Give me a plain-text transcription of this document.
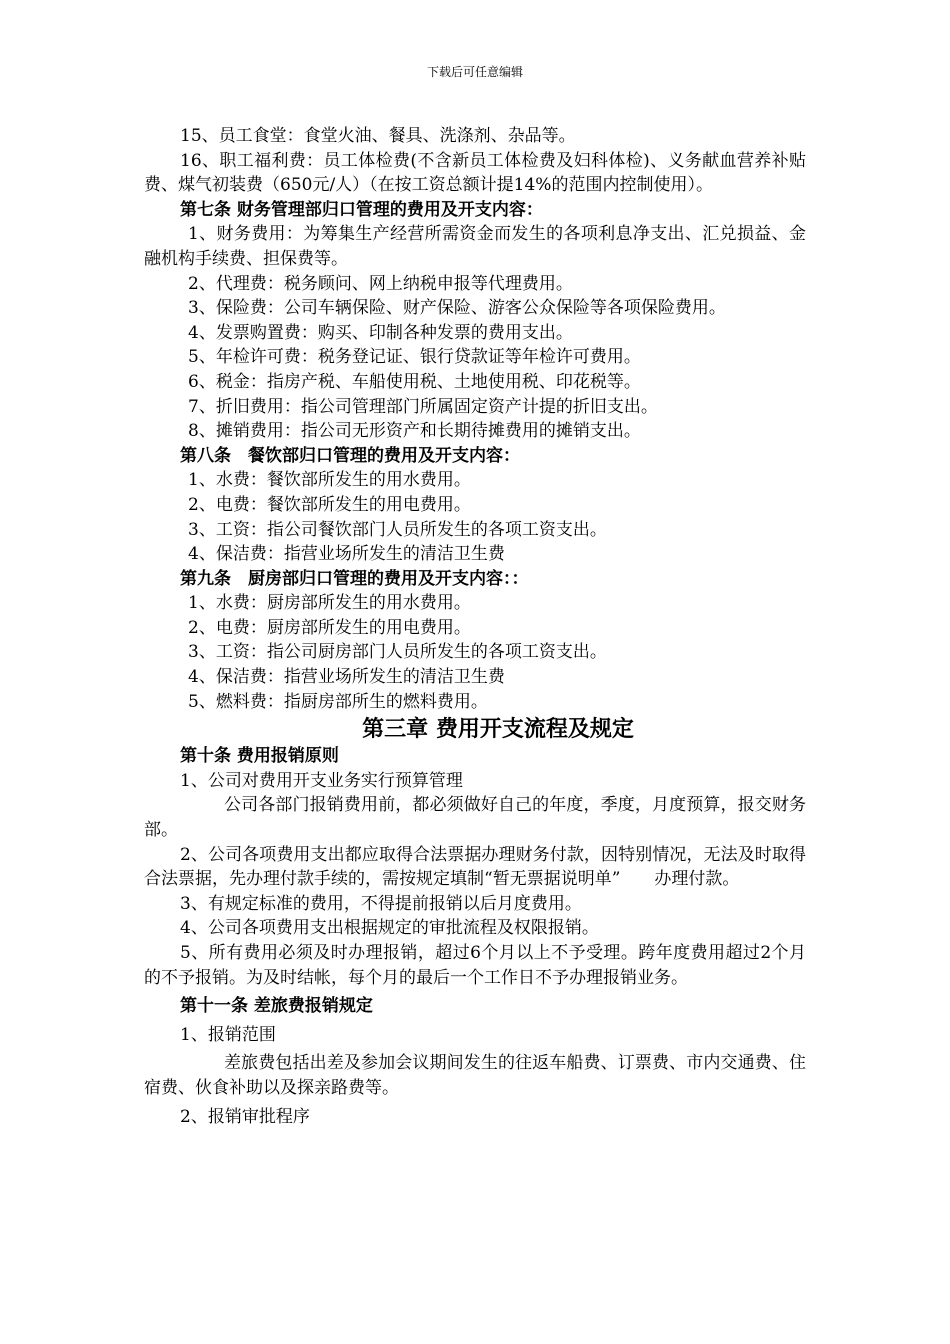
下载后可任意编辑

15、员工食堂：食堂火油、餐具、洗涤剂、杂品等。

16、职工福利费：员工体检费(不含新员工体检费及妇科体检)、义务献血营养补贴费、煤气初装费（650元/人）（在按工资总额计提14%的范围内控制使用）。

第七条 财务管理部归口管理的费用及开支内容：

1、财务费用：为筹集生产经营所需资金而发生的各项利息净支出、汇兑损益、金融机构手续费、担保费等。

2、代理费：税务顾问、网上纳税申报等代理费用。

3、保险费：公司车辆保险、财产保险、游客公众保险等各项保险费用。

4、发票购置费：购买、印制各种发票的费用支出。

5、年检许可费：税务登记证、银行贷款证等年检许可费用。

6、税金：指房产税、车船使用税、土地使用税、印花税等。

7、折旧费用：指公司管理部门所属固定资产计提的折旧支出。

8、摊销费用：指公司无形资产和长期待摊费用的摊销支出。

第八条　餐饮部归口管理的费用及开支内容：

1、水费：餐饮部所发生的用水费用。

2、电费：餐饮部所发生的用电费用。

3、工资：指公司餐饮部门人员所发生的各项工资支出。

4、保洁费：指营业场所发生的清洁卫生费

第九条　厨房部归口管理的费用及开支内容：：

1、水费：厨房部所发生的用水费用。

2、电费：厨房部所发生的用电费用。

3、工资：指公司厨房部门人员所发生的各项工资支出。

4、保洁费：指营业场所发生的清洁卫生费

5、燃料费：指厨房部所生的燃料费用。

第三章 费用开支流程及规定

第十条 费用报销原则

1、公司对费用开支业务实行预算管理

公司各部门报销费用前，都必须做好自己的年度，季度，月度预算，报交财务部。

2、公司各项费用支出都应取得合法票据办理财务付款，因特别情况，无法及时取得合法票据，先办理付款手续的，需按规定填制“暂无票据说明单”　　办理付款。

3、有规定标准的费用，不得提前报销以后月度费用。

4、公司各项费用支出根据规定的审批流程及权限报销。

5、所有费用必须及时办理报销，超过6个月以上不予受理。跨年度费用超过2个月的不予报销。为及时结帐，每个月的最后一个工作日不予办理报销业务。

第十一条 差旅费报销规定

1、报销范围

差旅费包括出差及参加会议期间发生的往返车船费、订票费、市内交通费、住宿费、伙食补助以及探亲路费等。

2、报销审批程序
